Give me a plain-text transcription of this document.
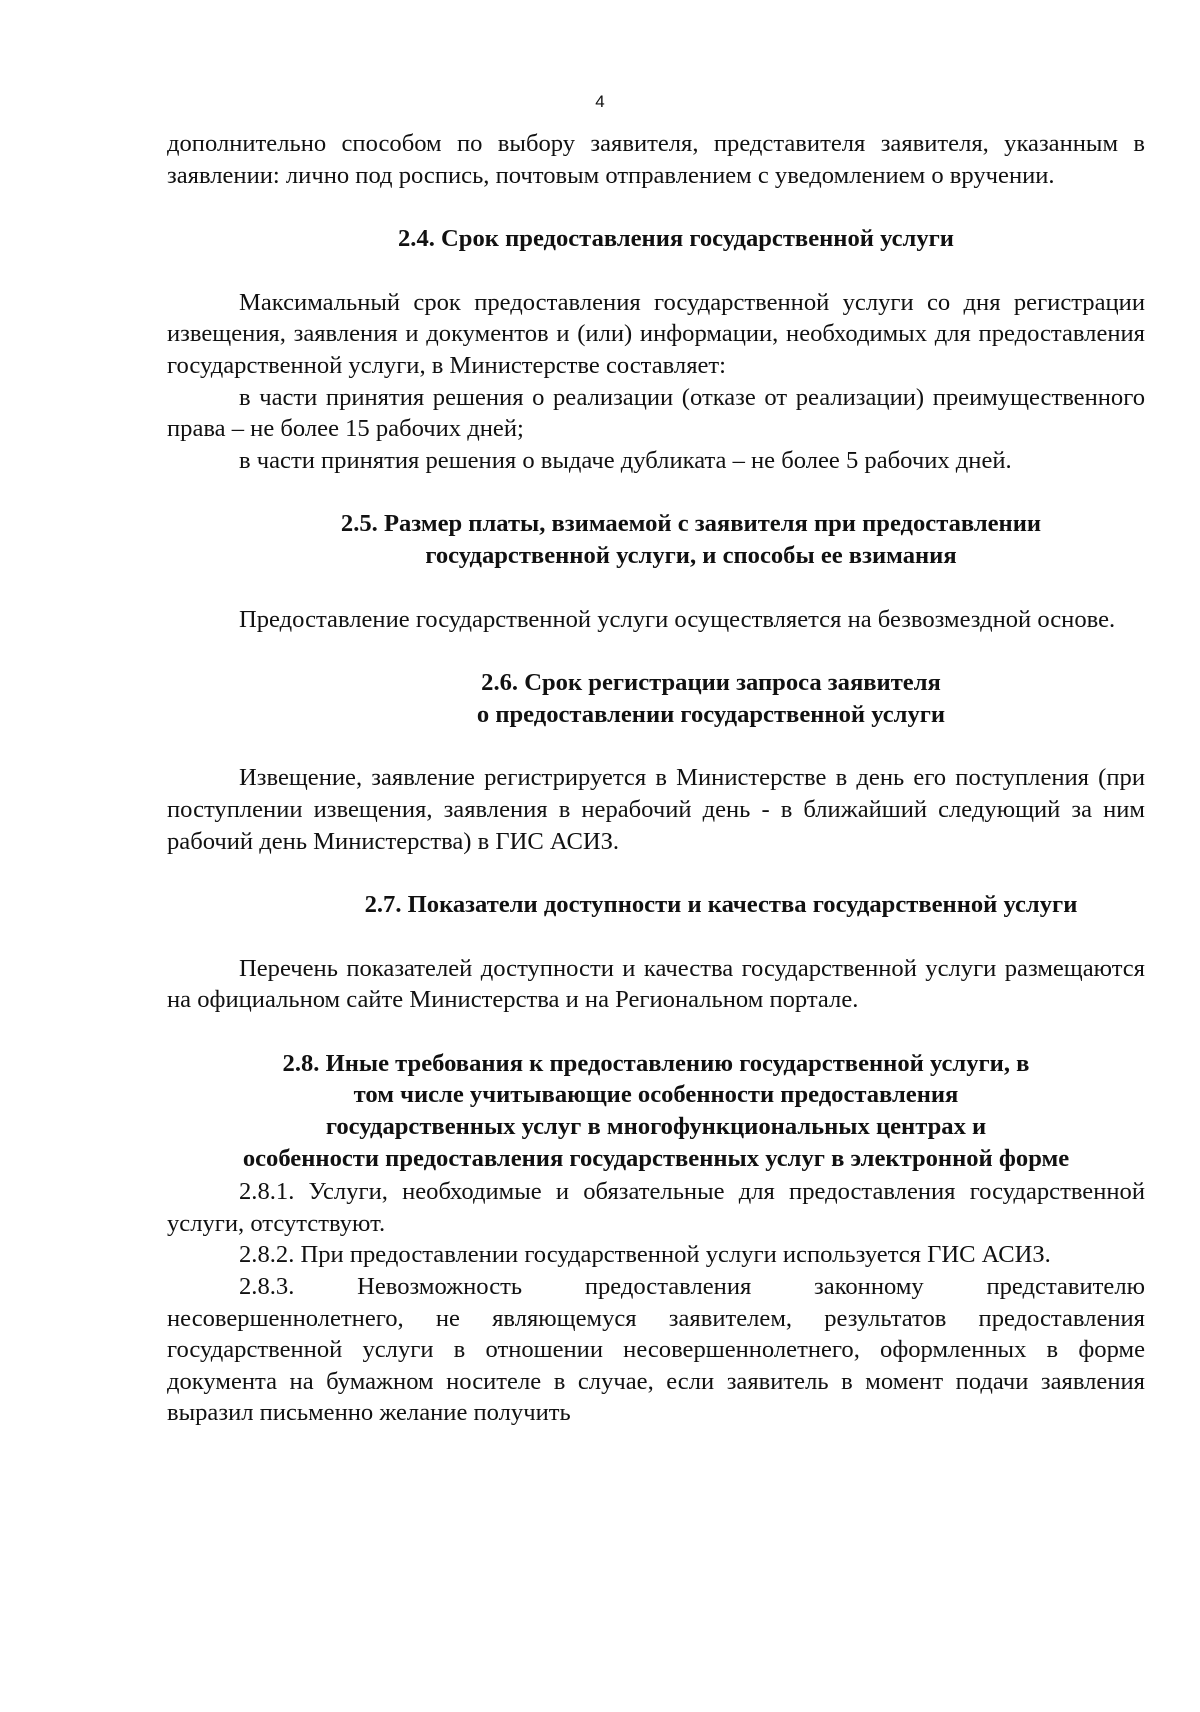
4

дополнительно способом по выбору заявителя, представителя заявителя, указанным в заявлении: лично под роспись, почтовым отправлением с уведомлением о вручении.

2.4. Срок предоставления государственной услуги

Максимальный срок предоставления государственной услуги со дня регистрации извещения, заявления и документов и (или) информации, необходимых для предоставления государственной услуги, в Министерстве составляет:

в части принятия решения о реализации (отказе от реализации) преимущественного права – не более 15 рабочих дней;

в части принятия решения о выдаче дубликата – не более 5 рабочих дней.

2.5. Размер платы, взимаемой с заявителя при предоставлении государственной услуги, и способы ее взимания

Предоставление государственной услуги осуществляется на безвозмездной основе.

2.6. Срок регистрации запроса заявителя
о предоставлении государственной услуги

Извещение, заявление регистрируется в Министерстве в день его поступления (при поступлении извещения, заявления в нерабочий день - в ближайший следующий за ним рабочий день Министерства) в ГИС АСИЗ.

2.7. Показатели доступности и качества государственной услуги

Перечень показателей доступности и качества государственной услуги размещаются на официальном сайте Министерства и на Региональном портале.

2.8. Иные требования к предоставлению государственной услуги, в
том числе учитывающие особенности предоставления
государственных услуг в многофункциональных центрах и
особенности предоставления государственных услуг в электронной форме

2.8.1. Услуги, необходимые и обязательные для предоставления государственной услуги, отсутствуют.

2.8.2. При предоставлении государственной услуги используется ГИС АСИЗ.

2.8.3. Невозможность предоставления законному представителю несовершеннолетнего, не являющемуся заявителем, результатов предоставления государственной услуги в отношении несовершеннолетнего, оформленных в форме документа на бумажном носителе в случае, если заявитель в момент подачи заявления выразил письменно желание получить
